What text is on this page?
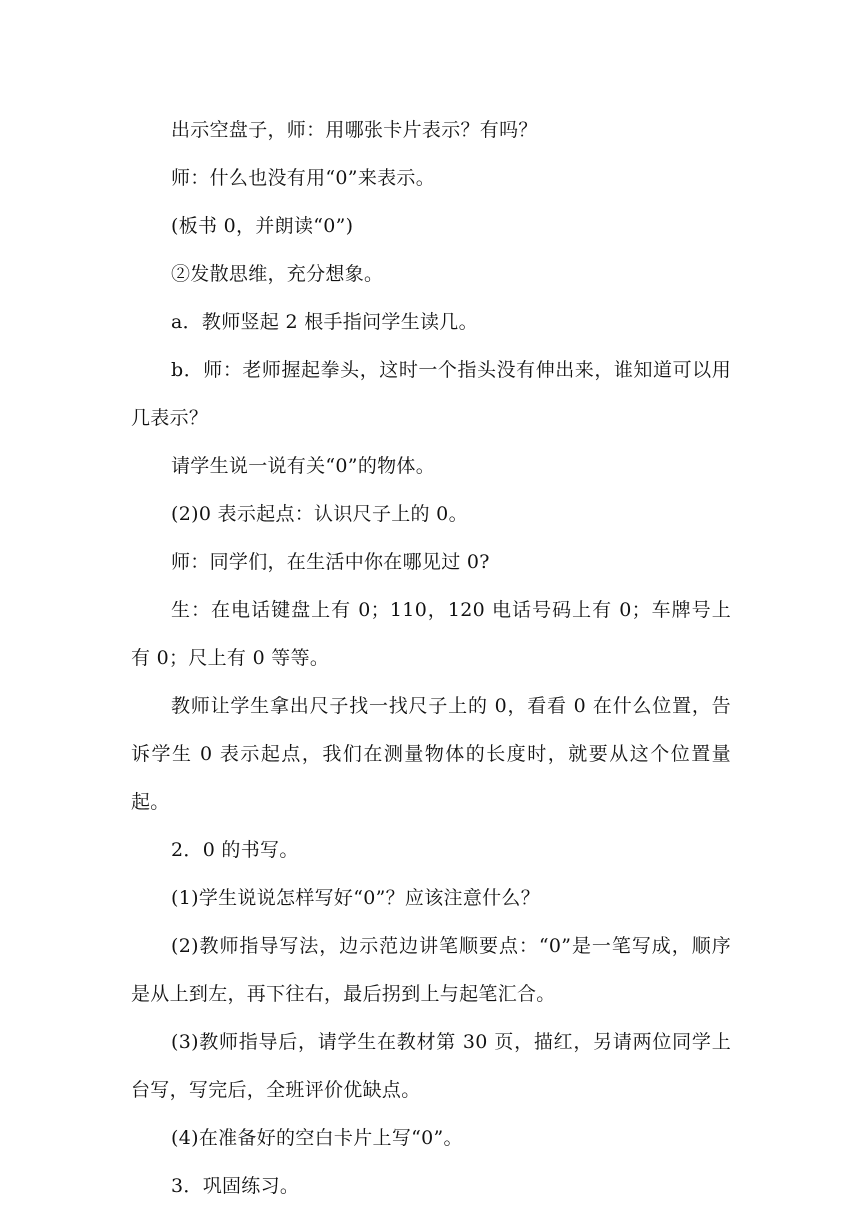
出示空盘子，师：用哪张卡片表示？有吗？

师：什么也没有用“0”来表示。

(板书 0，并朗读“0”)

②发散思维，充分想象。

a．教师竖起 2 根手指问学生读几。

b．师：老师握起拳头，这时一个指头没有伸出来，谁知道可以用几表示？

请学生说一说有关“0”的物体。

(2)0 表示起点：认识尺子上的 0。

师：同学们，在生活中你在哪见过 0?

生：在电话键盘上有 0；110，120 电话号码上有 0；车牌号上有 0；尺上有 0 等等。

教师让学生拿出尺子找一找尺子上的 0，看看 0 在什么位置，告诉学生 0 表示起点，我们在测量物体的长度时，就要从这个位置量起。

2．0 的书写。

(1)学生说说怎样写好“0”？应该注意什么？

(2)教师指导写法，边示范边讲笔顺要点：“0”是一笔写成，顺序是从上到左，再下往右，最后拐到上与起笔汇合。

(3)教师指导后，请学生在教材第 30 页，描红，另请两位同学上台写，写完后，全班评价优缺点。

(4)在准备好的空白卡片上写“0”。

3．巩固练习。
